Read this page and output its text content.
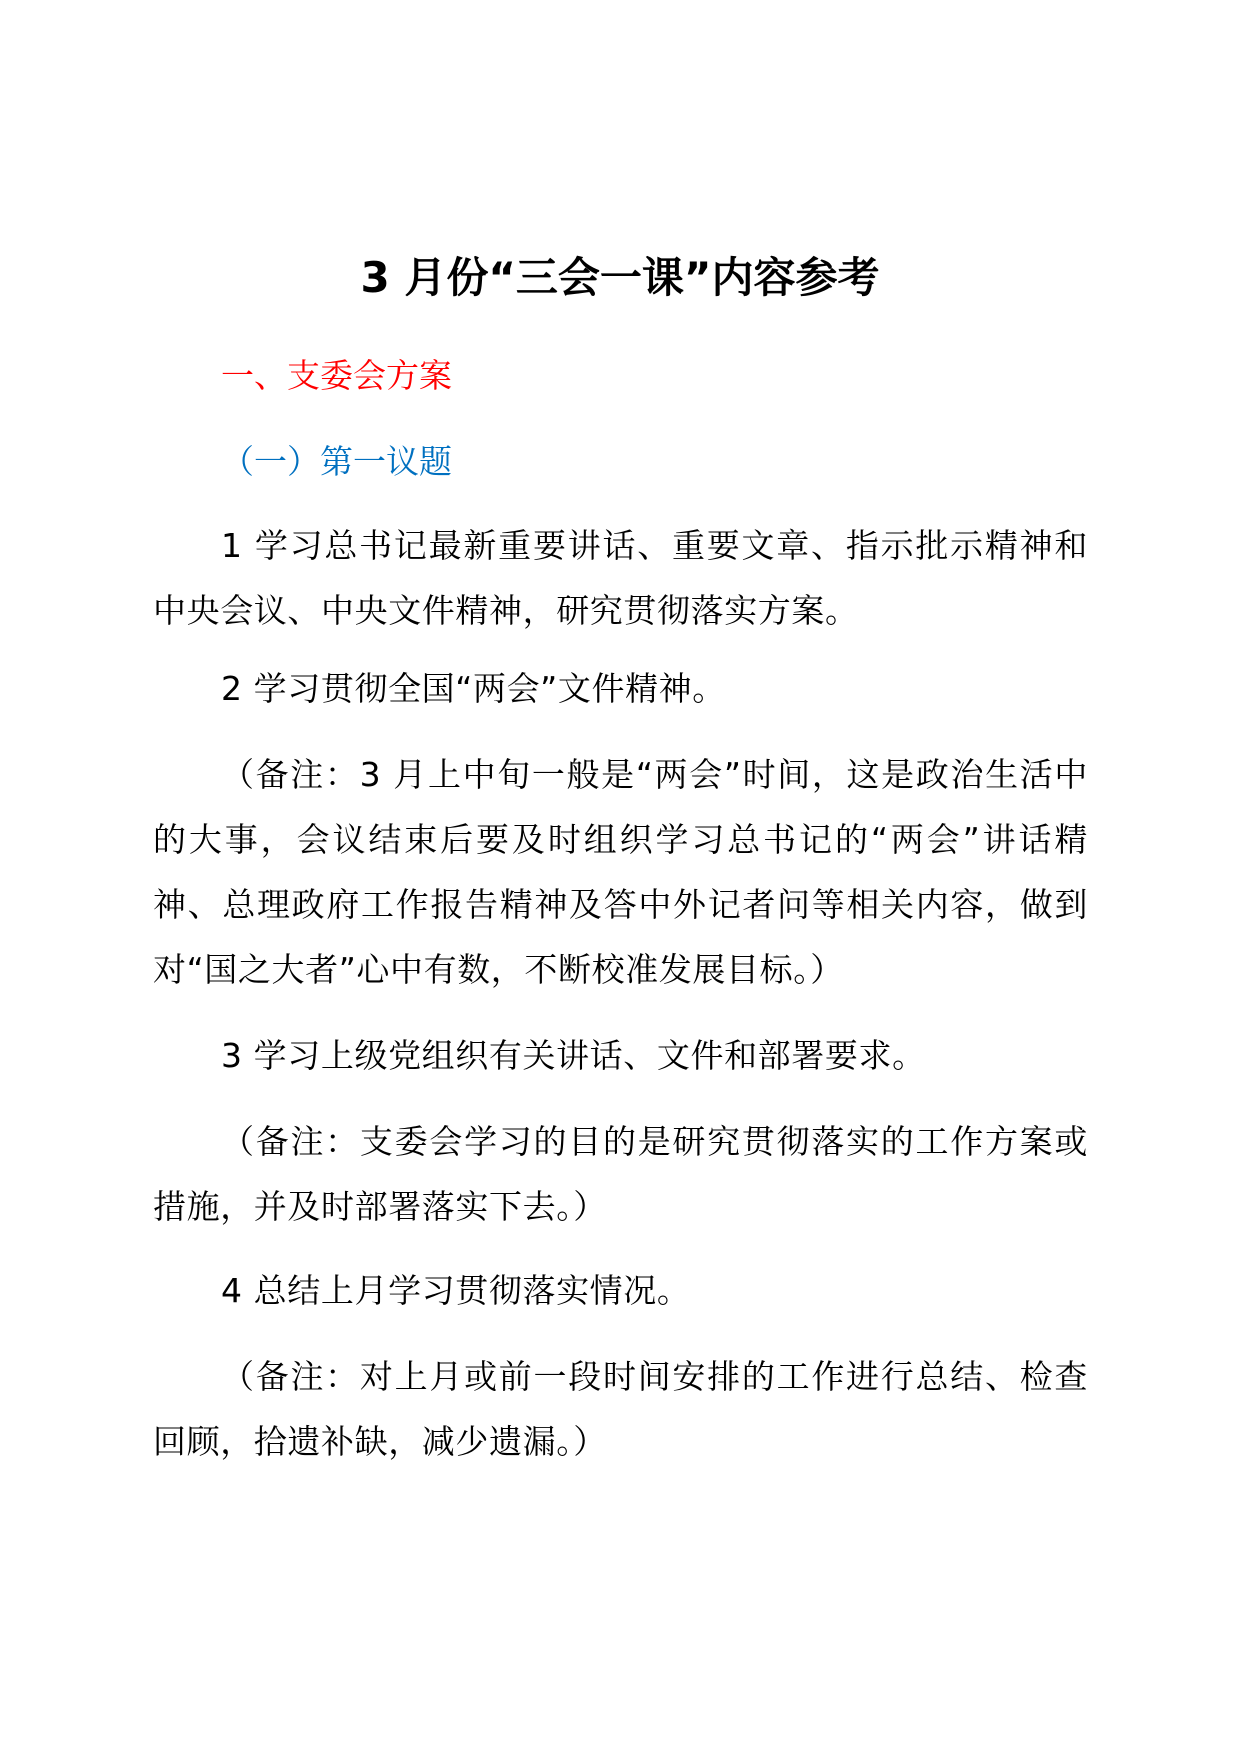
3 月份“三会一课”内容参考

一、支委会方案

（一）第一议题

1 学习总书记最新重要讲话、重要文章、指示批示精神和中央会议、中央文件精神，研究贯彻落实方案。

2 学习贯彻全国“两会”文件精神。

（备注：3 月上中旬一般是“两会”时间，这是政治生活中的大事，会议结束后要及时组织学习总书记的“两会”讲话精神、总理政府工作报告精神及答中外记者问等相关内容，做到对“国之大者”心中有数，不断校准发展目标。）

3 学习上级党组织有关讲话、文件和部署要求。

（备注：支委会学习的目的是研究贯彻落实的工作方案或措施，并及时部署落实下去。）

4 总结上月学习贯彻落实情况。

（备注：对上月或前一段时间安排的工作进行总结、检查回顾，拾遗补缺，减少遗漏。）
